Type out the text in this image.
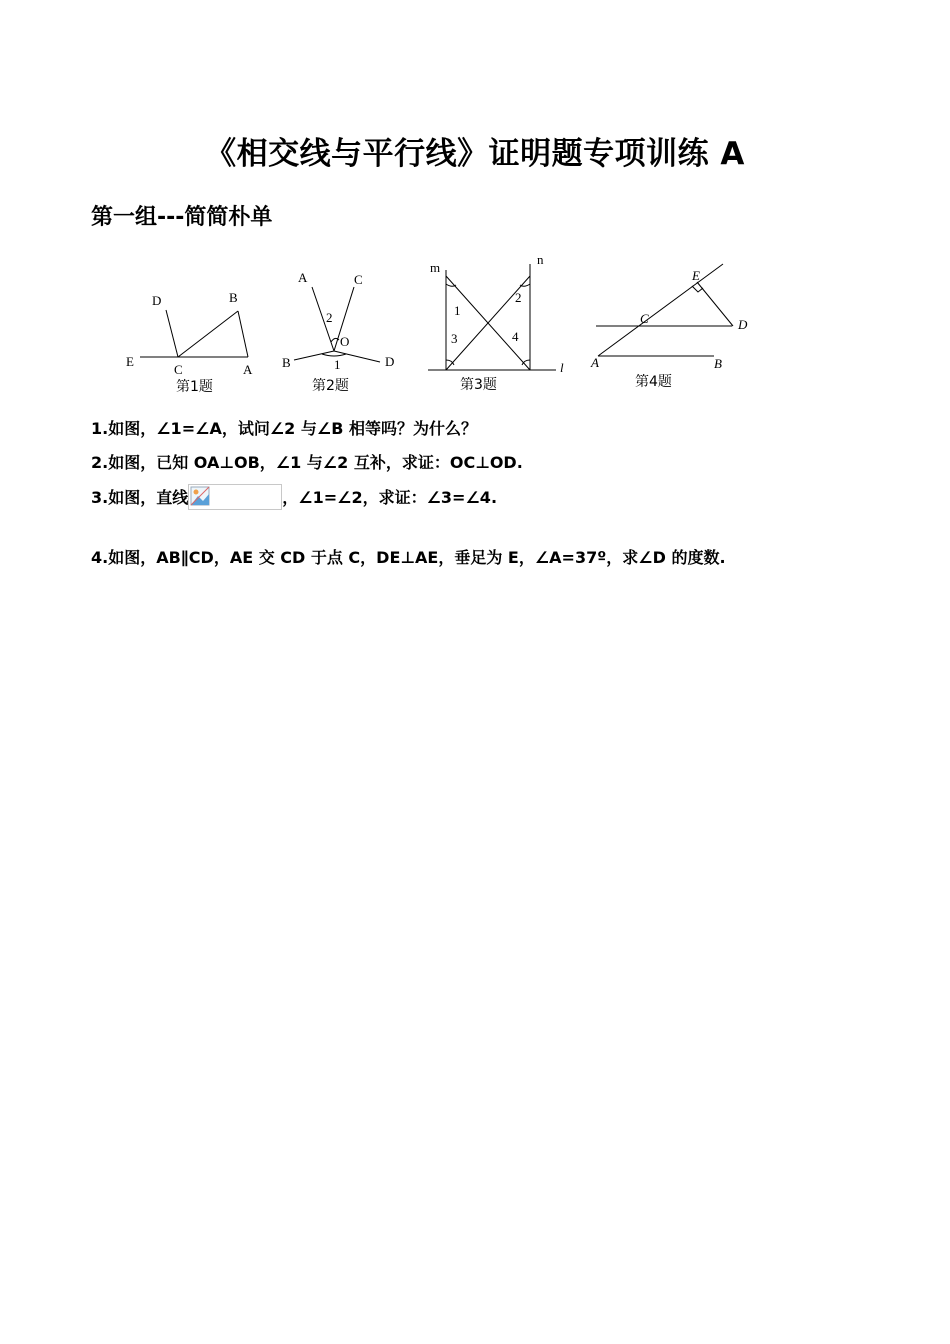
《相交线与平行线》证明题专项训练 A
第一组---简简朴单
D	B
E
C	A
第1题
A	C
2
O
B	1	D
第2题
m
n
1
2
3	4
l
第3题
E
C	D
A	B
第4题
1.如图，∠1=∠A，试问∠2 与∠B 相等吗？为什么？
2.如图，已知 OA⊥OB，∠1 与∠2 互补，求证：OC⊥OD.
3.如图，直线	，∠1=∠2，求证：∠3=∠4.
4.如图，AB∥CD，AE 交 CD 于点 C，DE⊥AE，垂足为 E，∠A=37º，求∠D 的度数.
